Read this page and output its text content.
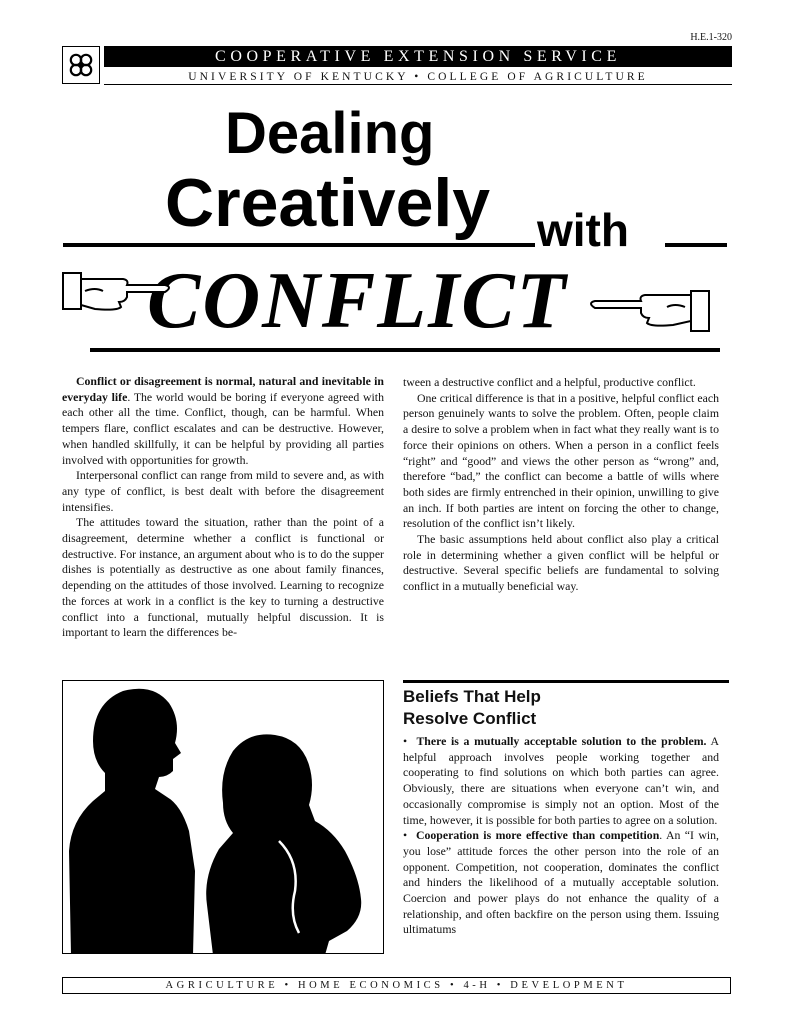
H.E.1-320
COOPERATIVE EXTENSION SERVICE
UNIVERSITY OF KENTUCKY • COLLEGE OF AGRICULTURE
Dealing
Creatively with
CONFLICT

Conflict or disagreement is normal, natural and inevitable in everyday life. The world would be boring if everyone agreed with each other all the time. Conflict, though, can be harmful. When tempers flare, conflict escalates and can be destructive. However, when handled skillfully, it can be helpful by providing all parties involved with opportunities for growth.

Interpersonal conflict can range from mild to severe and, as with any type of conflict, is best dealt with before the disagreement intensifies.

The attitudes toward the situation, rather than the point of a disagreement, determine whether a conflict is functional or destructive. For instance, an argument about who is to do the supper dishes is potentially as destructive as one about family finances, depending on the attitudes of those involved. Learning to recognize the forces at work in a conflict is the key to turning a destructive conflict into a functional, mutually helpful discussion. It is important to learn the differences be-

tween a destructive conflict and a helpful, productive conflict.

One critical difference is that in a positive, helpful conflict each person genuinely wants to solve the problem. Often, people claim a desire to solve a problem when in fact what they really want is to force their opinions on others. When a person in a conflict feels “right” and “good” and views the other person as “wrong” and, therefore “bad,” the conflict can become a battle of wills where both sides are firmly entrenched in their opinion, unwilling to give an inch. If both parties are intent on forcing the other to change, resolution of the conflict isn’t likely.

The basic assumptions held about conflict also play a critical role in determining whether a given conflict will be helpful or destructive. Several specific beliefs are fundamental to solving conflict in a mutually beneficial way.

Beliefs That Help
Resolve Conflict

• There is a mutually acceptable solution to the problem. A helpful approach involves people working together and cooperating to find solutions on which both parties can agree. Obviously, there are situations when everyone can’t win, and occasionally compromise is simply not an option. Most of the time, however, it is possible for both parties to agree on a solution.

• Cooperation is more effective than competition. An “I win, you lose” attitude forces the other person into the role of an opponent. Competition, not cooperation, dominates the conflict and hinders the likelihood of a mutually acceptable solution. Coercion and power plays do not enhance the quality of a relationship, and often backfire on the person using them. Issuing ultimatums

AGRICULTURE • HOME ECONOMICS • 4-H • DEVELOPMENT
